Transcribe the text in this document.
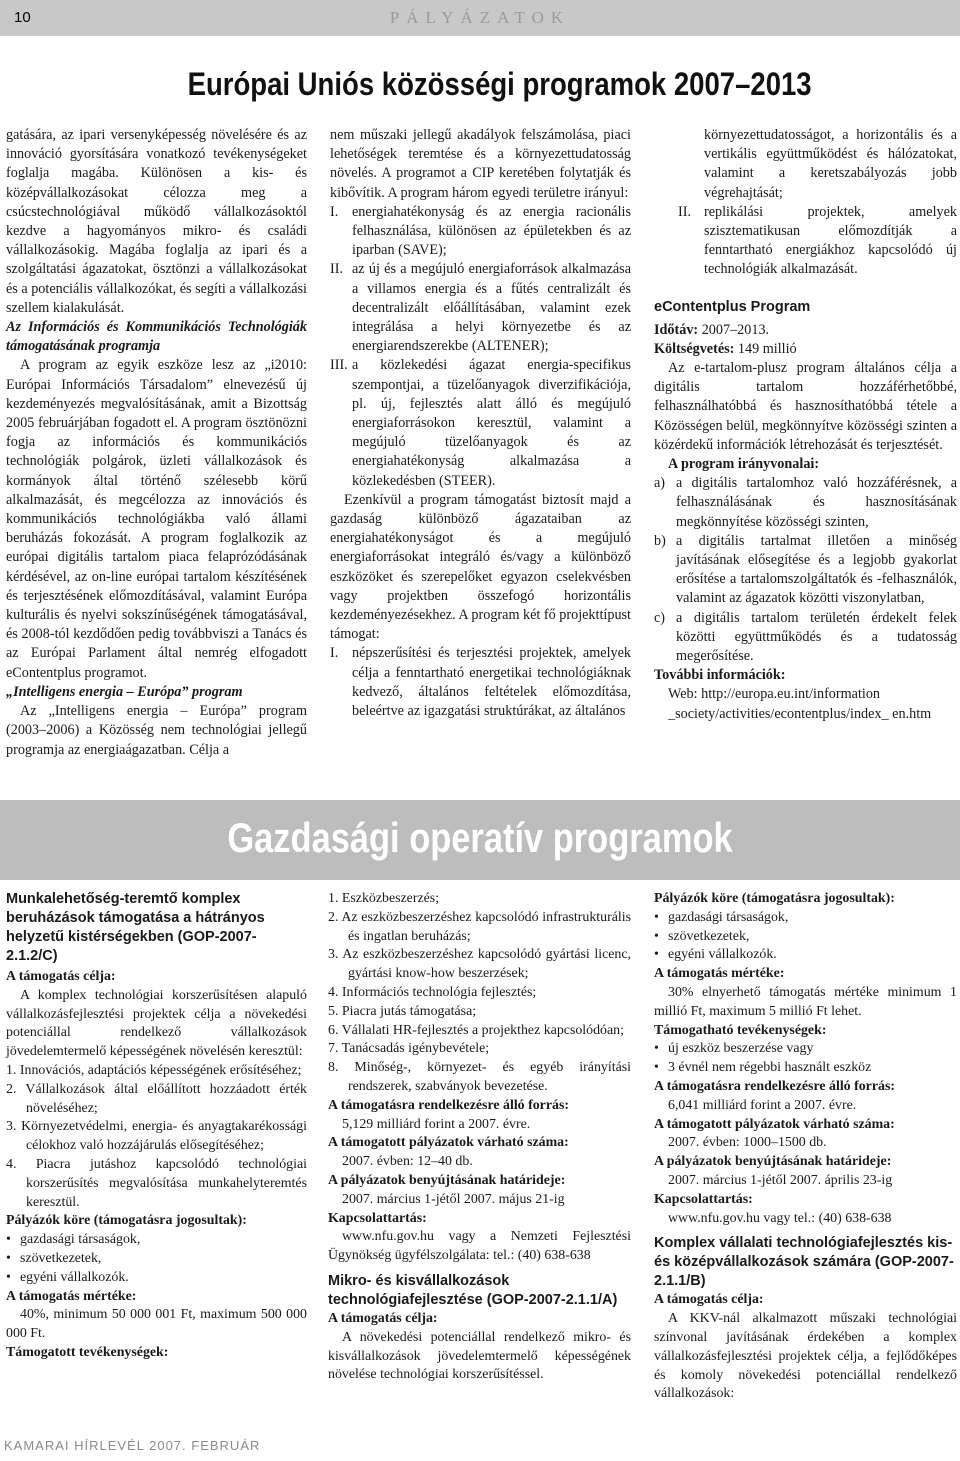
10	PÁLYÁZATOK
Európai Uniós közösségi programok 2007–2013

gatására, az ipari versenyképesség növelésére és az innováció gyorsítására vonatkozó tevékenységeket foglalja magába. Különösen a kis- és középvállalkozásokat célozza meg a csúcstechnológiával működő vállalkozásoktól kezdve a hagyományos mikro- és családi vállalkozásokig. Magába foglalja az ipari és a szolgáltatási ágazatokat, ösztönzi a vállalkozásokat és a potenciális vállalkozókat, és segíti a vállalkozási szellem kialakulását.

Az Információs és Kommunikációs Technológiák támogatásának programja

A program az egyik eszköze lesz az „i2010: Európai Információs Társadalom” elnevezésű új kezdeményezés megvalósításának, amit a Bizottság 2005 februárjában fogadott el. A program ösztönözni fogja az információs és kommunikációs technológiák polgárok, üzleti vállalkozások és kormányok által történő szélesebb körű alkalmazását, és megcélozza az innovációs és kommunikációs technológiákba való állami beruházás fokozását. A program foglalkozik az európai digitális tartalom piaca felaprózódásának kérdésével, az on-line európai tartalom készítésének és terjesztésének előmozdításával, valamint Európa kulturális és nyelvi sokszínűségének támogatásával, és 2008-tól kezdődően pedig továbbviszi a Tanács és az Európai Parlament által nemrég elfogadott eContentplus programot.

„Intelligens energia – Európa” program

Az „Intelligens energia – Európa” program (2003–2006) a Közösség nem technológiai jellegű programja az energiaágazatban. Célja a

nem műszaki jellegű akadályok felszámolása, piaci lehetőségek teremtése és a környezettudatosság növelés. A programot a CIP keretében folytatják és kibővítik. A program három egyedi területre irányul:

I. energiahatékonyság és az energia racionális felhasználása, különösen az épületekben és az iparban (SAVE);

II. az új és a megújuló energiaforrások alkalmazása a villamos energia és a fűtés centralizált és decentralizált előállításában, valamint ezek integrálása a helyi környezetbe és az energiarendszerekbe (ALTENER);

III. a közlekedési ágazat energia-specifikus szempontjai, a tüzelőanyagok diverzifikációja, pl. új, fejlesztés alatt álló és megújuló energiaforrásokon keresztül, valamint a megújuló tüzelőanyagok és az energiahatékonyság alkalmazása a közlekedésben (STEER).

Ezenkívül a program támogatást biztosít majd a gazdaság különböző ágazataiban az energiahatékonyságot és a megújuló energiaforrásokat integráló és/vagy a különböző eszközöket és szerepelőket egyazon cselekvésben vagy projektben összefogó horizontális kezdeményezésekhez. A program két fő projekttípust támogat:

I. népszerűsítési és terjesztési projektek, amelyek célja a fenntartható energetikai technológiáknak kedvező, általános feltételek előmozdítása, beleértve az igazgatási struktúrákat, az általános

környezettudatosságot, a horizontális és a vertikális együttműködést és hálózatokat, valamint a keretszabályozás jobb végrehajtását;

II. replikálási projektek, amelyek szisztematikusan előmozdítják a fenntartható energiákhoz kapcsolódó új technológiák alkalmazását.

eContentplus Program

Időtáv: 2007–2013.

Költségvetés: 149 millió

Az e-tartalom-plusz program általános célja a digitális tartalom hozzáférhetőbbé, felhasználhatóbbá és hasznosíthatóbbá tétele a Közösségen belül, megkönnyítve közösségi szinten a közérdekű információk létrehozását és terjesztését.

A program irányvonalai:

a) a digitális tartalomhoz való hozzáférésnek, a felhasználásának és hasznosításának megkönnyítése közösségi szinten,

b) a digitális tartalmat illetően a minőség javításának elősegítése és a legjobb gyakorlat erősítése a tartalomszolgáltatók és -felhasználók, valamint az ágazatok közötti viszonylatban,

c) a digitális tartalom területén érdekelt felek közötti együttműködés és a tudatosság megerősítése.

További információk:

Web: http://europa.eu.int/information _society/activities/econtentplus/index_ en.htm

Gazdasági operatív programok

Munkalehetőség-teremtő komplex beruházások támogatása a hátrányos helyzetű kistérségekben (GOP-2007-2.1.2/C)

A támogatás célja:

A komplex technológiai korszerűsítésen alapuló vállalkozásfejlesztési projektek célja a növekedési potenciállal rendelkező vállalkozások jövedelemtermelő képességének növelésén keresztül:

1. Innovációs, adaptációs képességének erősítéséhez;

2. Vállalkozások által előállított hozzáadott érték növeléséhez;

3. Környezetvédelmi, energia- és anyagtakarékossági célokhoz való hozzájárulás elősegítéséhez;

4. Piacra jutáshoz kapcsolódó technológiai korszerűsítés megvalósítása munkahelyteremtés keresztül.

Pályázók köre (támogatásra jogosultak):

• gazdasági társaságok,
• szövetkezetek,
• egyéni vállalkozók.

A támogatás mértéke:

40%, minimum 50 000 001 Ft, maximum 500 000 000 Ft.

Támogatott tevékenységek:

1. Eszközbeszerzés;

2. Az eszközbeszerzéshez kapcsolódó infrastrukturális és ingatlan beruházás;

3. Az eszközbeszerzéshez kapcsolódó gyártási licenc, gyártási know-how beszerzések;

4. Információs technológia fejlesztés;

5. Piacra jutás támogatása;

6. Vállalati HR-fejlesztés a projekthez kapcsolódóan;

7. Tanácsadás igénybevétele;

8. Minőség-, környezet- és egyéb irányítási rendszerek, szabványok bevezetése.

A támogatásra rendelkezésre álló forrás:

5,129 milliárd forint a 2007. évre.

A támogatott pályázatok várható száma:

2007. évben: 12–40 db.

A pályázatok benyújtásának határideje:

2007. március 1-jétől 2007. május 21-ig

Kapcsolattartás:

www.nfu.gov.hu vagy a Nemzeti Fejlesztési Ügynökség ügyfélszolgálata: tel.: (40) 638-638

Mikro- és kisvállalkozások technológiafejlesztése (GOP-2007-2.1.1/A)

A támogatás célja:

A növekedési potenciállal rendelkező mikro- és kisvállalkozások jövedelemtermelő képességének növelése technológiai korszerűsítéssel.

Pályázók köre (támogatásra jogosultak):

• gazdasági társaságok,
• szövetkezetek,
• egyéni vállalkozók.

A támogatás mértéke:

30% elnyerhető támogatás mértéke minimum 1 millió Ft, maximum 5 millió Ft lehet.

Támogatható tevékenységek:

• új eszköz beszerzése vagy
• 3 évnél nem régebbi használt eszköz

A támogatásra rendelkezésre álló forrás:

6,041 milliárd forint a 2007. évre.

A támogatott pályázatok várható száma:

2007. évben: 1000–1500 db.

A pályázatok benyújtásának határideje:

2007. március 1-jétől 2007. április 23-ig

Kapcsolattartás:

www.nfu.gov.hu vagy tel.: (40) 638-638

Komplex vállalati technológiafejlesztés kis- és középvállalkozások számára (GOP-2007-2.1.1/B)

A támogatás célja:

A KKV-nál alkalmazott műszaki technológiai színvonal javításának érdekében a komplex vállalkozásfejlesztési projektek célja, a fejlődőképes és komoly növekedési potenciállal rendelkező vállalkozások:

KAMARAI HÍRLEVÉL 2007. FEBRUÁR
